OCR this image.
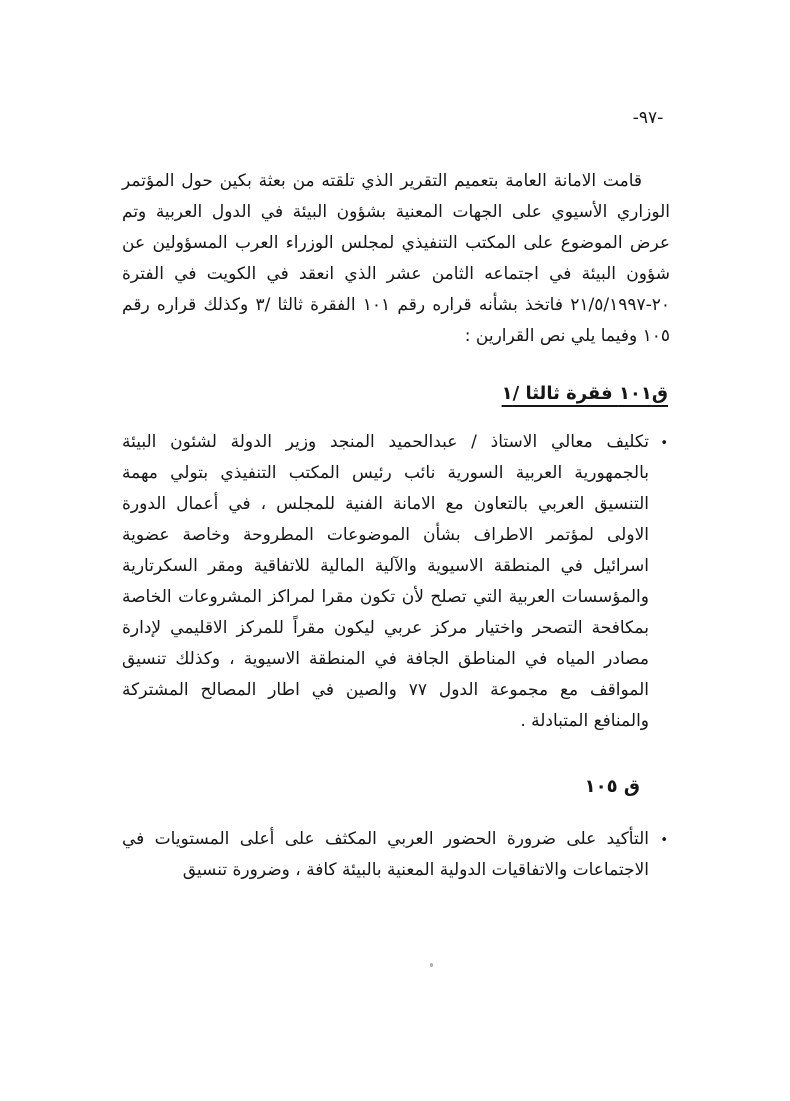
-٩٧-

قامت الامانة العامة بتعميم التقرير الذي تلقته من بعثة بكين حول المؤتمر الوزاري الأسيوي على الجهات المعنية بشؤون البيئة في الدول العربية وتم عرض الموضوع على المكتب التنفيذي لمجلس الوزراء العرب المسؤولين عن شؤون البيئة في اجتماعه الثامن عشر الذي انعقد في الكويت في الفترة ٢٠-٢١/٥/١٩٩٧ فاتخذ بشأنه قراره رقم ١٠١ الفقرة ثالثا /٣ وكذلك قراره رقم ١٠٥ وفيما يلي نص القرارين :

ق١٠١ فقرة ثالثا /١
•

تكليف معالي الاستاذ / عبدالحميد المنجد وزير الدولة لشئون البيئة بالجمهورية العربية السورية نائب رئيس المكتب التنفيذي بتولي مهمة التنسيق العربي بالتعاون مع الامانة الفنية للمجلس ، في أعمال الدورة الاولى لمؤتمر الاطراف بشأن الموضوعات المطروحة وخاصة عضوية اسرائيل في المنطقة الاسيوية والآلية المالية للاتفاقية ومقر السكرتارية والمؤسسات العربية التي تصلح لأن تكون مقرا لمراكز المشروعات الخاصة بمكافحة التصحر واختيار مركز عربي ليكون مقراً للمركز الاقليمي لإدارة مصادر المياه في المناطق الجافة في المنطقة الاسيوية ، وكذلك تنسيق المواقف مع مجموعة الدول ٧٧ والصين في اطار المصالح المشتركة والمنافع المتبادلة .

ق ١٠٥
•

التأكيد على ضرورة الحضور العربي المكثف على أعلى المستويات في الاجتماعات والاتفاقيات الدولية المعنية بالبيئة كافة ، وضرورة تنسيق
